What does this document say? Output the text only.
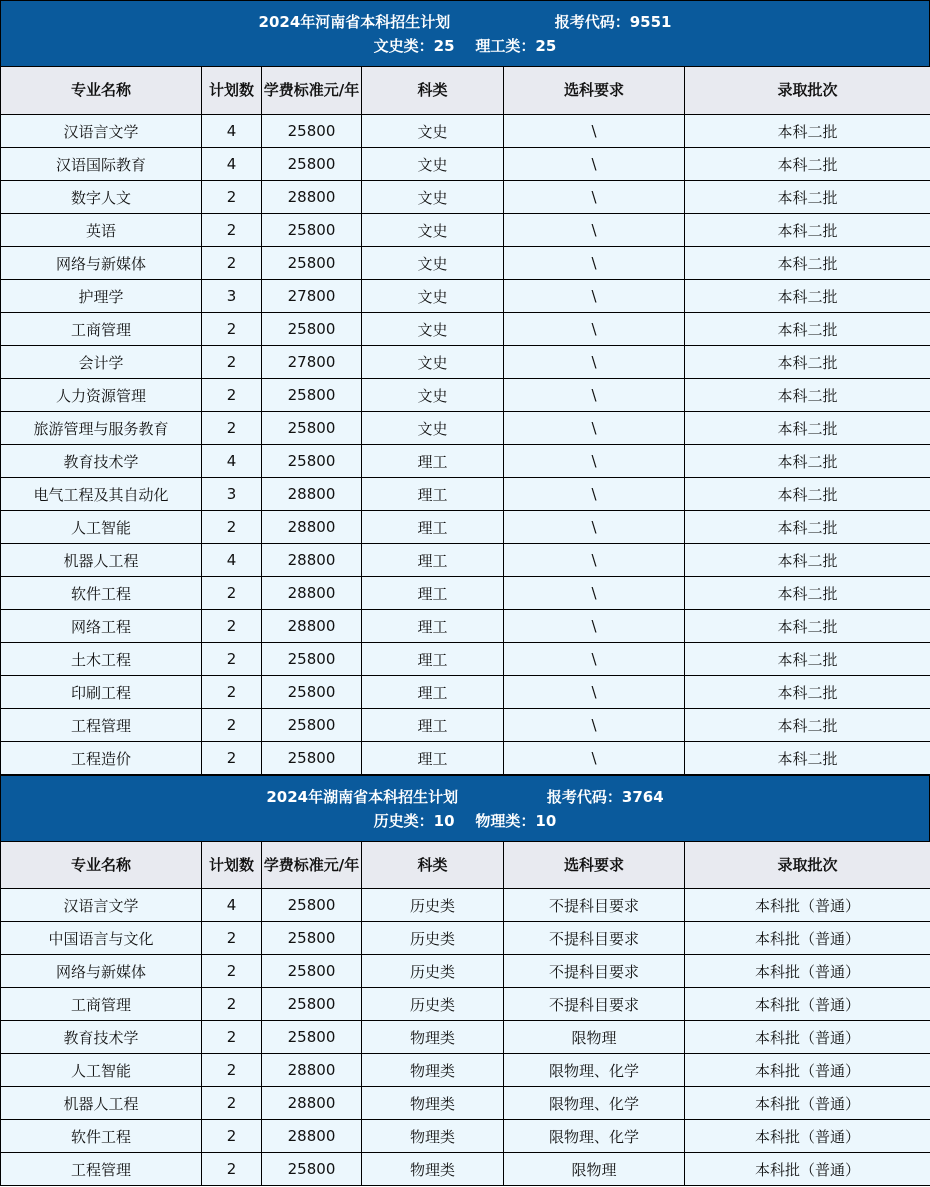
2024年河南省本科招生计划                    报考代码：9551
文史类：25    理工类：25
专业名称	计划数	学费标准元/年	科类	选科要求	录取批次
汉语言文学	4	25800	文史	\	本科二批
汉语国际教育	4	25800	文史	\	本科二批
数字人文	2	28800	文史	\	本科二批
英语	2	25800	文史	\	本科二批
网络与新媒体	2	25800	文史	\	本科二批
护理学	3	27800	文史	\	本科二批
工商管理	2	25800	文史	\	本科二批
会计学	2	27800	文史	\	本科二批
人力资源管理	2	25800	文史	\	本科二批
旅游管理与服务教育	2	25800	文史	\	本科二批
教育技术学	4	25800	理工	\	本科二批
电气工程及其自动化	3	28800	理工	\	本科二批
人工智能	2	28800	理工	\	本科二批
机器人工程	4	28800	理工	\	本科二批
软件工程	2	28800	理工	\	本科二批
网络工程	2	28800	理工	\	本科二批
土木工程	2	25800	理工	\	本科二批
印刷工程	2	25800	理工	\	本科二批
工程管理	2	25800	理工	\	本科二批
工程造价	2	25800	理工	\	本科二批
2024年湖南省本科招生计划                 报考代码：3764
历史类：10    物理类：10
专业名称	计划数	学费标准元/年	科类	选科要求	录取批次
汉语言文学	4	25800	历史类	不提科目要求	本科批（普通）
中国语言与文化	2	25800	历史类	不提科目要求	本科批（普通）
网络与新媒体	2	25800	历史类	不提科目要求	本科批（普通）
工商管理	2	25800	历史类	不提科目要求	本科批（普通）
教育技术学	2	25800	物理类	限物理	本科批（普通）
人工智能	2	28800	物理类	限物理、化学	本科批（普通）
机器人工程	2	28800	物理类	限物理、化学	本科批（普通）
软件工程	2	28800	物理类	限物理、化学	本科批（普通）
工程管理	2	25800	物理类	限物理	本科批（普通）
